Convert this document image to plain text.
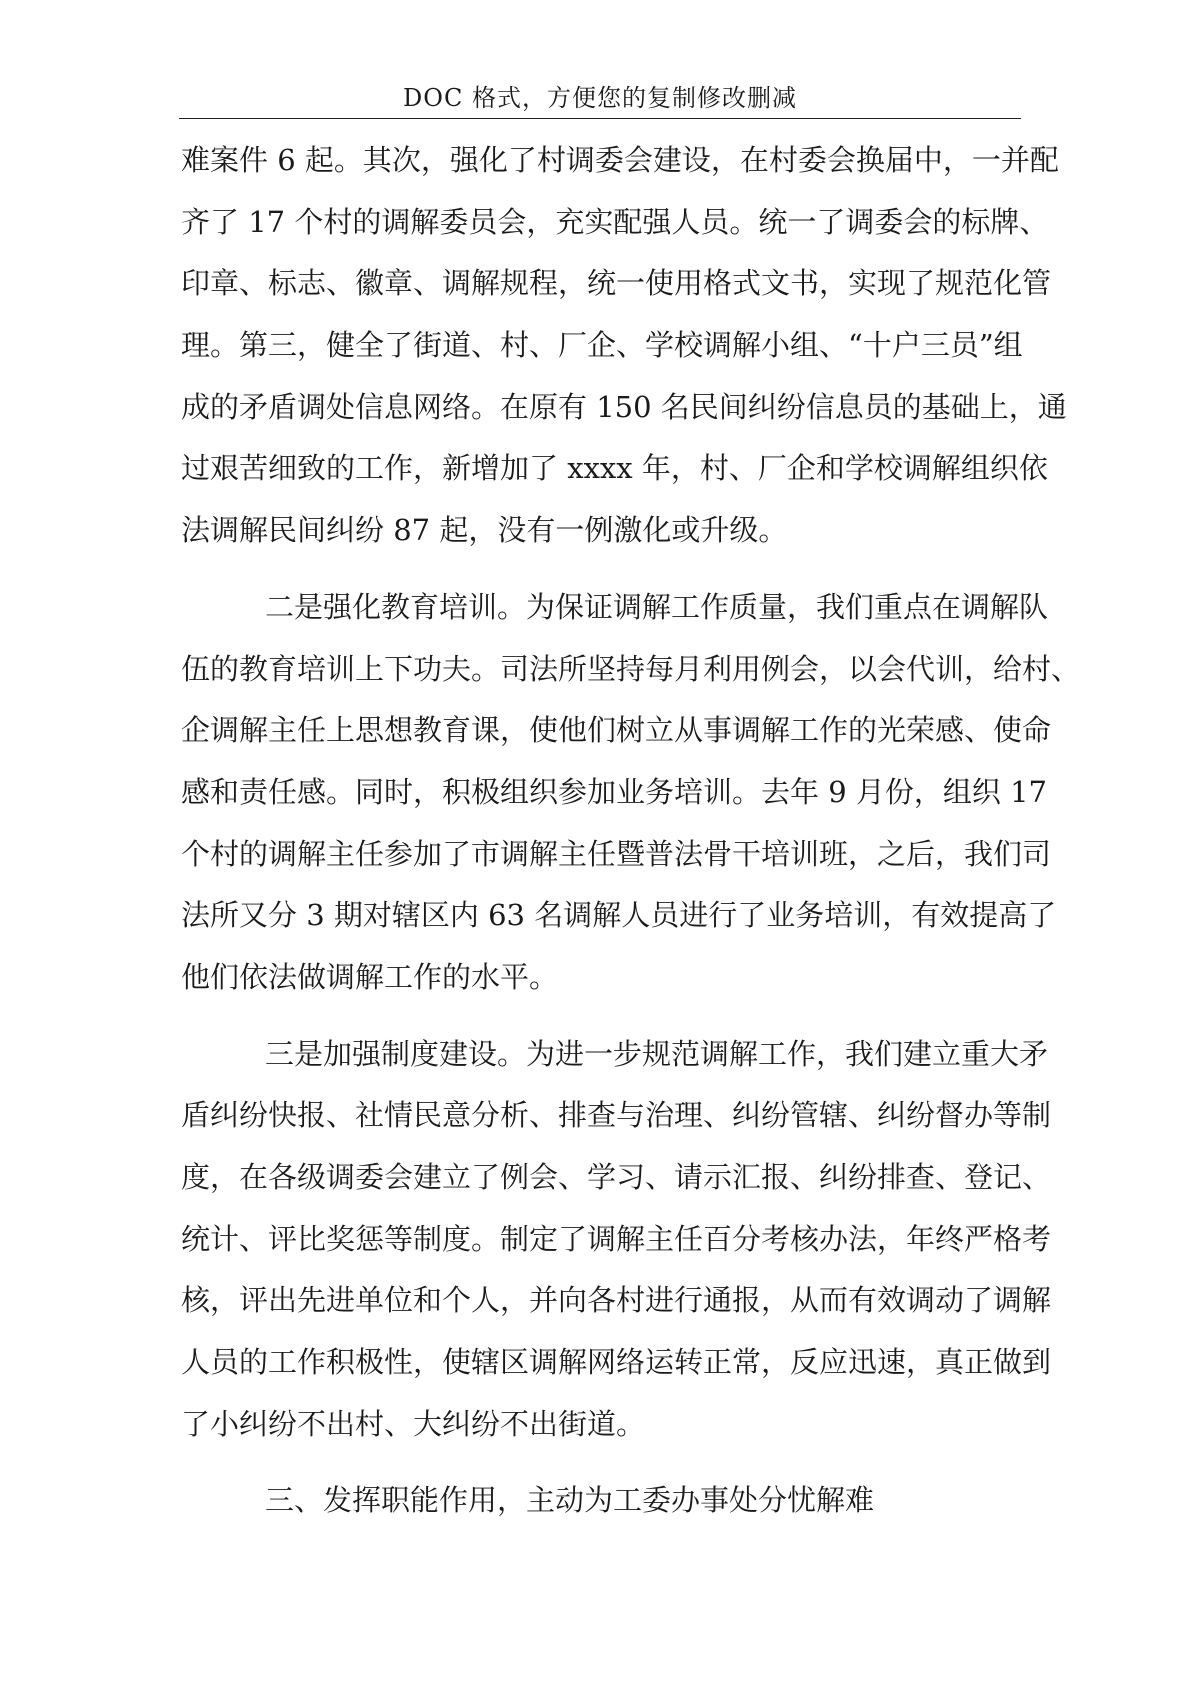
DOC 格式，方便您的复制修改删减
难案件 6 起。其次，强化了村调委会建设，在村委会换届中，一并配
齐了 17 个村的调解委员会，充实配强人员。统一了调委会的标牌、
印章、标志、徽章、调解规程，统一使用格式文书，实现了规范化管
理。第三，健全了街道、村、厂企、学校调解小组、“十户三员”组
成的矛盾调处信息网络。在原有 150 名民间纠纷信息员的基础上，通
过艰苦细致的工作，新增加了 xxxx 年，村、厂企和学校调解组织依
法调解民间纠纷 87 起，没有一例激化或升级。
二是强化教育培训。为保证调解工作质量，我们重点在调解队
伍的教育培训上下功夫。司法所坚持每月利用例会，以会代训，给村、
企调解主任上思想教育课，使他们树立从事调解工作的光荣感、使命
感和责任感。同时，积极组织参加业务培训。去年 9 月份，组织 17
个村的调解主任参加了市调解主任暨普法骨干培训班，之后，我们司
法所又分 3 期对辖区内 63 名调解人员进行了业务培训，有效提高了
他们依法做调解工作的水平。
三是加强制度建设。为进一步规范调解工作，我们建立重大矛
盾纠纷快报、社情民意分析、排查与治理、纠纷管辖、纠纷督办等制
度，在各级调委会建立了例会、学习、请示汇报、纠纷排查、登记、
统计、评比奖惩等制度。制定了调解主任百分考核办法，年终严格考
核，评出先进单位和个人，并向各村进行通报，从而有效调动了调解
人员的工作积极性，使辖区调解网络运转正常，反应迅速，真正做到
了小纠纷不出村、大纠纷不出街道。
三、发挥职能作用，主动为工委办事处分忧解难
